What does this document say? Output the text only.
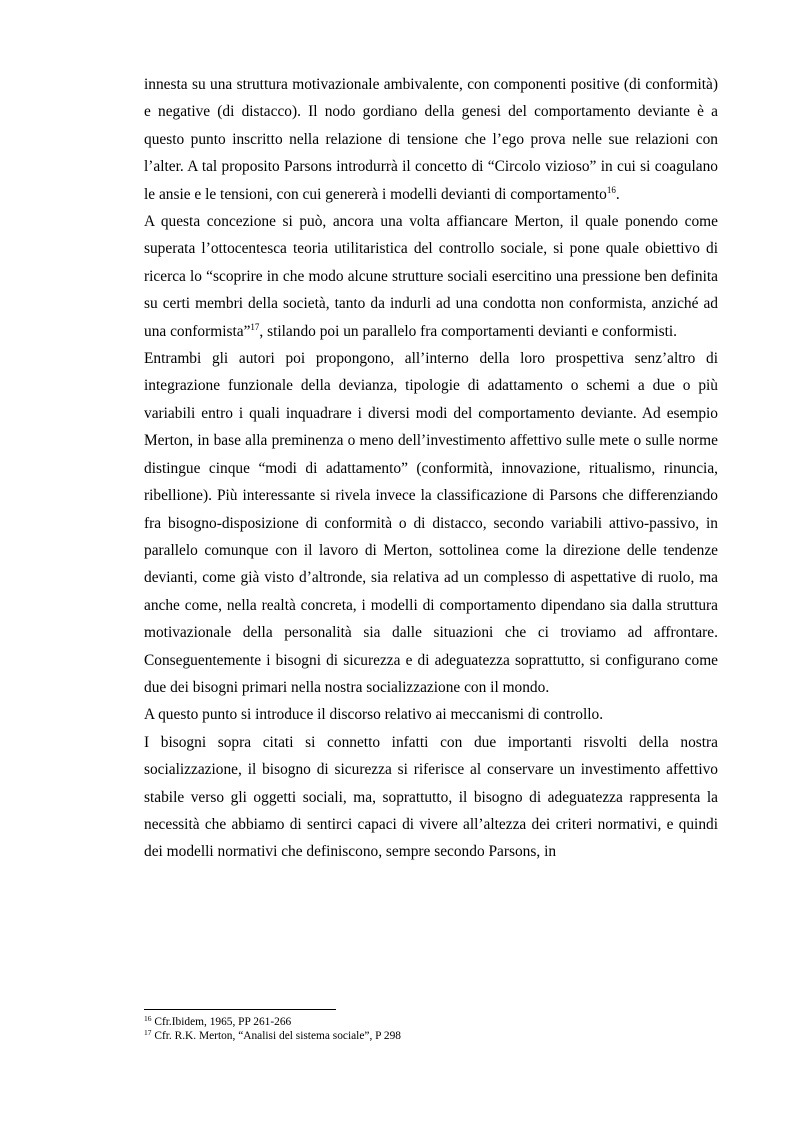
innesta su una struttura motivazionale ambivalente, con componenti positive (di conformità) e negative (di distacco). Il nodo gordiano della genesi del comportamento deviante è a questo punto inscritto nella relazione di tensione che l’ego prova nelle sue relazioni con l’alter. A tal proposito Parsons introdurrà il concetto di “Circolo vizioso” in cui si coagulano le ansie e le tensioni, con cui genererà i modelli devianti di comportamento$^{16}$.

A questa concezione si può, ancora una volta affiancare Merton, il quale ponendo come superata l’ottocentesca teoria utilitaristica del controllo sociale, si pone quale obiettivo di ricerca lo “scoprire in che modo alcune strutture sociali esercitino una pressione ben definita su certi membri della società, tanto da indurli ad una condotta non conformista, anziché ad una conformista”$^{17}$, stilando poi un parallelo fra comportamenti devianti e conformisti.

Entrambi gli autori poi propongono, all’interno della loro prospettiva senz’altro di integrazione funzionale della devianza, tipologie di adattamento o schemi a due o più variabili entro i quali inquadrare i diversi modi del comportamento deviante. Ad esempio Merton, in base alla preminenza o meno dell’investimento affettivo sulle mete o sulle norme distingue cinque “modi di adattamento” (conformità, innovazione, ritualismo, rinuncia, ribellione). Più interessante si rivela invece la classificazione di Parsons che differenziando fra bisogno-disposizione di conformità o di distacco, secondo variabili attivo-passivo, in parallelo comunque con il lavoro di Merton, sottolinea come la direzione delle tendenze devianti, come già visto d’altronde, sia relativa ad un complesso di aspettative di ruolo, ma anche come, nella realtà concreta, i modelli di comportamento dipendano sia dalla struttura motivazionale della personalità sia dalle situazioni che ci troviamo ad affrontare. Conseguentemente i bisogni di sicurezza e di adeguatezza soprattutto, si configurano come due dei bisogni primari nella nostra socializzazione con il mondo.

A questo punto si introduce il discorso relativo ai meccanismi di controllo.

I bisogni sopra citati si connetto infatti con due importanti risvolti della nostra socializzazione, il bisogno di sicurezza si riferisce al conservare un investimento affettivo stabile verso gli oggetti sociali, ma, soprattutto, il bisogno di adeguatezza rappresenta la necessità che abbiamo di sentirci capaci di vivere all’altezza dei criteri normativi, e quindi dei modelli normativi che definiscono, sempre secondo Parsons, in

$^{16}$ Cfr.Ibidem, 1965, PP 261-266
$^{17}$ Cfr. R.K. Merton, “Analisi del sistema sociale”, P 298
